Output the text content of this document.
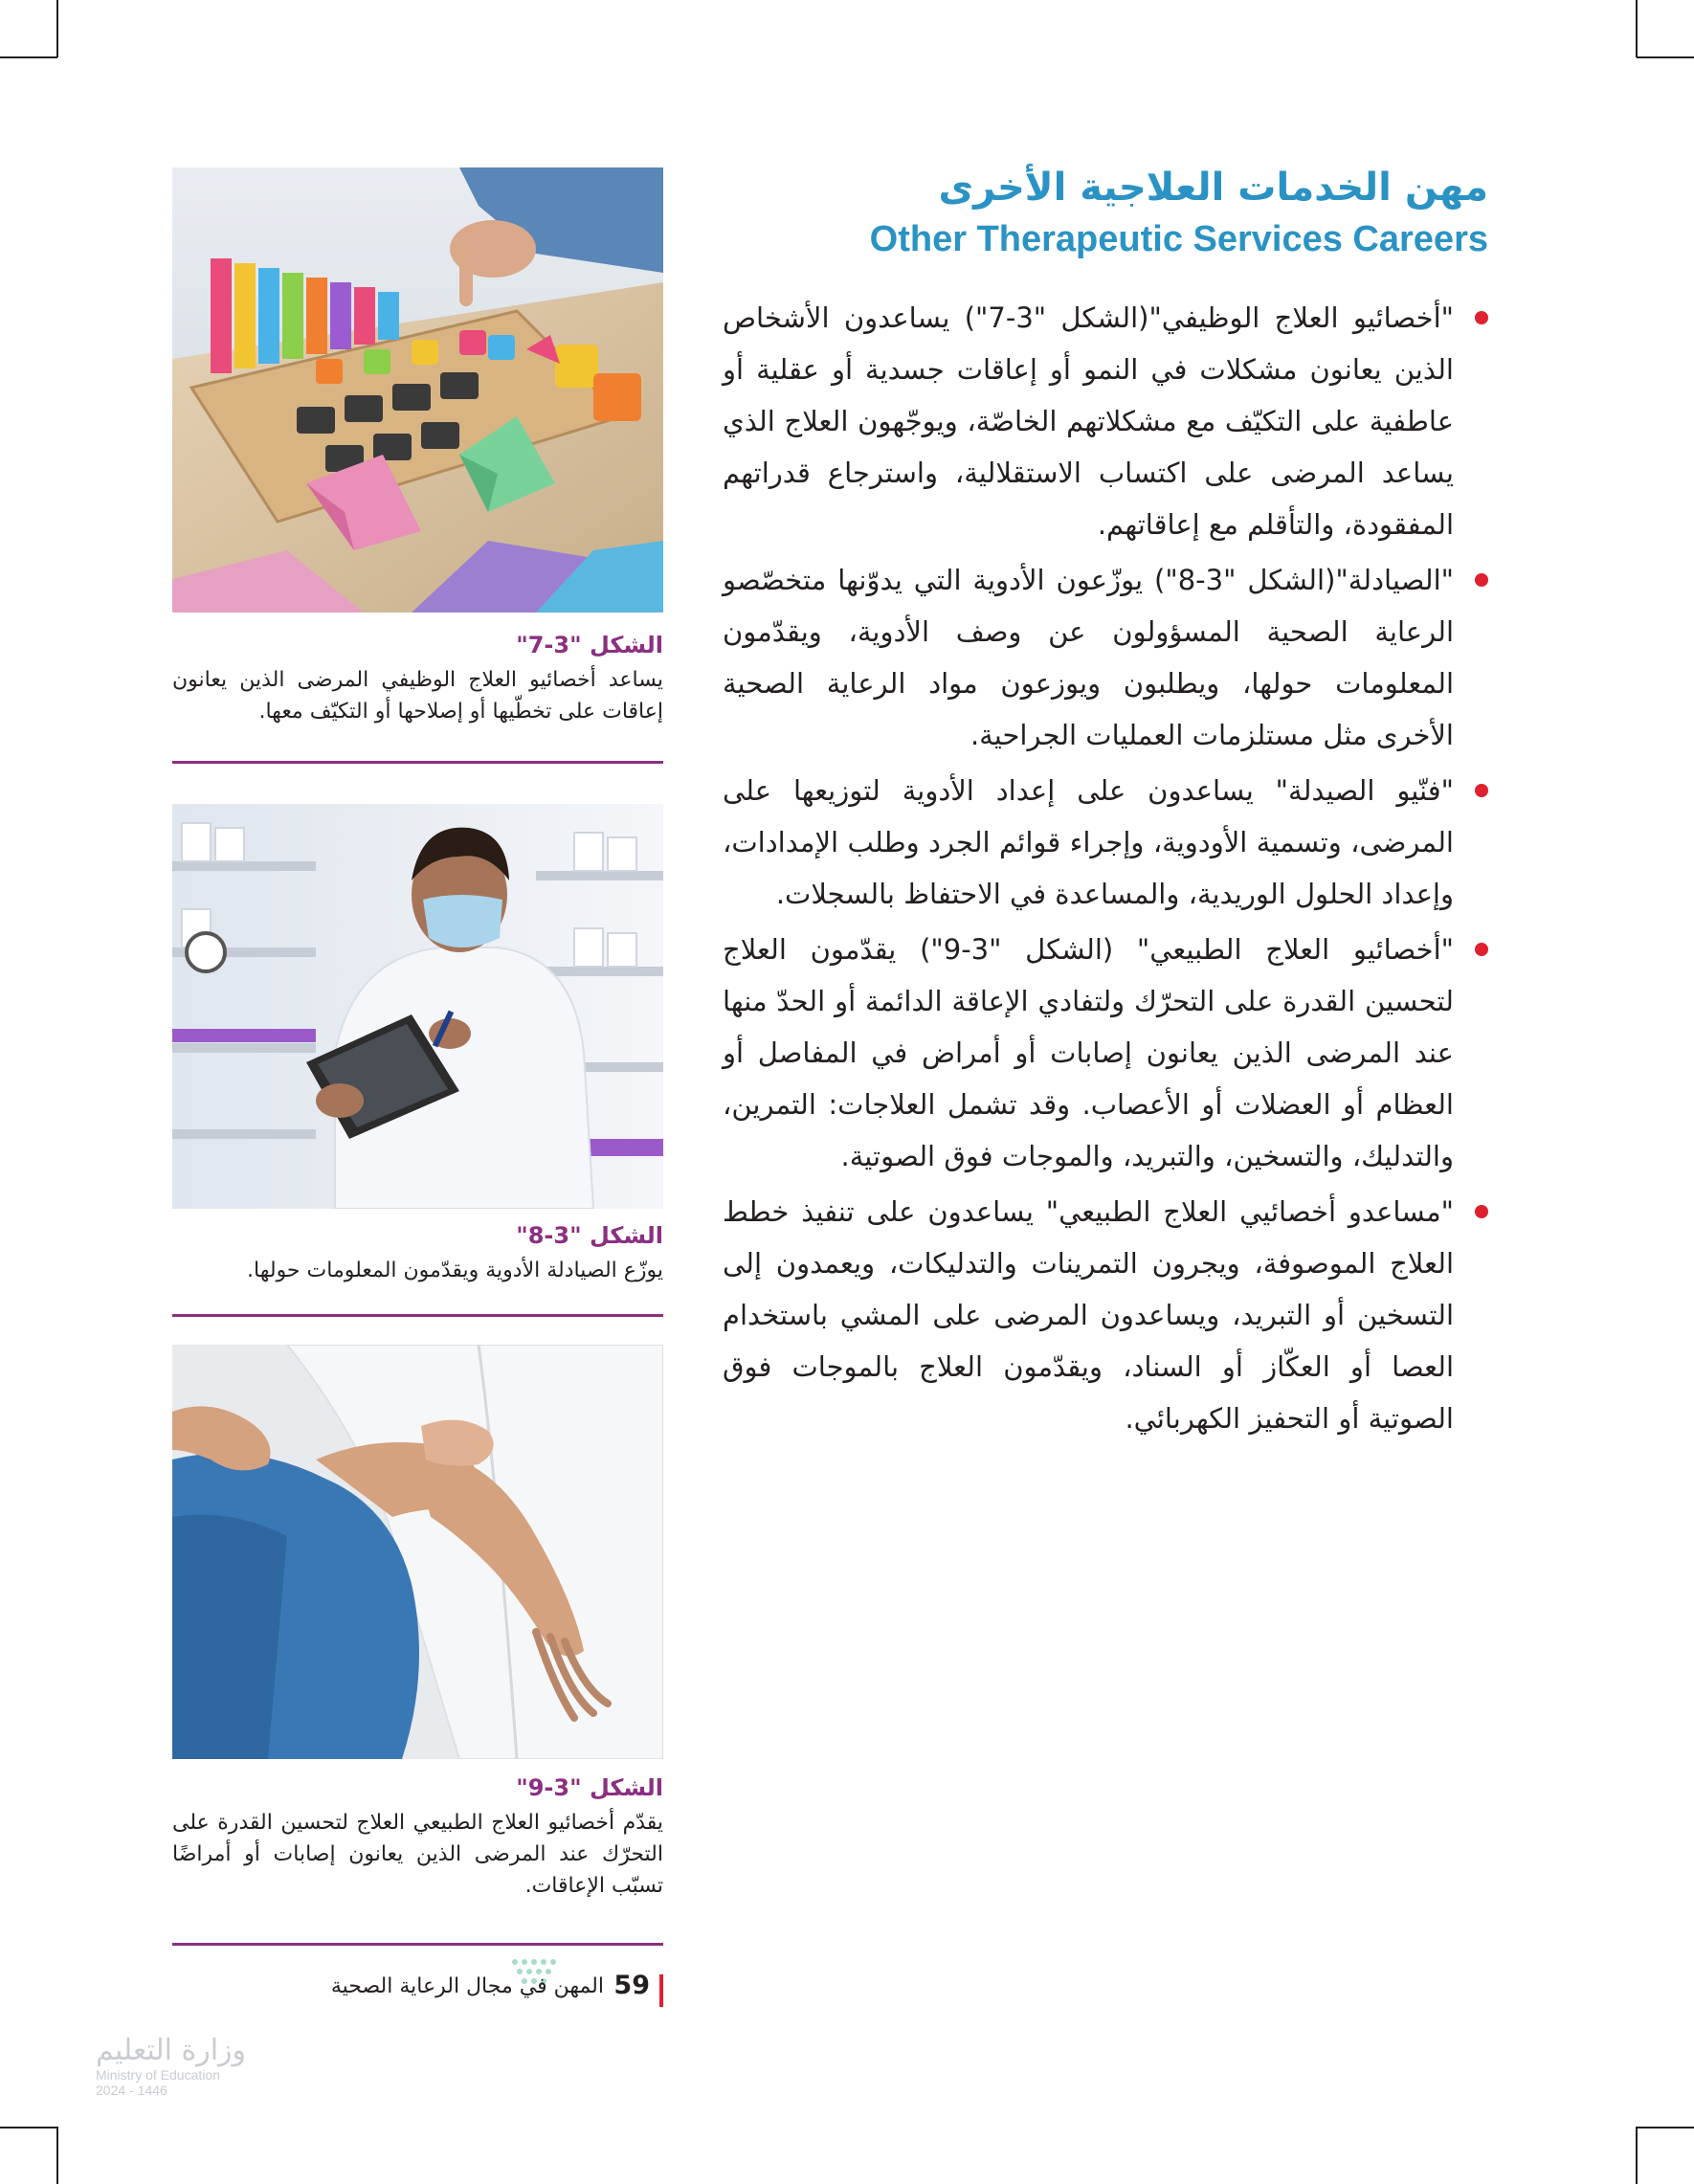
مهن الخدمات العلاجية الأخرى
Other Therapeutic Services Careers

"أخصائيو العلاج الوظيفي"(الشكل "3-7") يساعدون الأشخاص الذين يعانون مشكلات في النمو أو إعاقات جسدية أو عقلية أو عاطفية على التكيّف مع مشكلاتهم الخاصّة، ويوجّهون العلاج الذي يساعد المرضى على اكتساب الاستقلالية، واسترجاع قدراتهم المفقودة، والتأقلم مع إعاقاتهم.

"الصيادلة"(الشكل "3-8") يوزّعون الأدوية التي يدوّنها متخصّصو الرعاية الصحية المسؤولون عن وصف الأدوية، ويقدّمون المعلومات حولها، ويطلبون ويوزعون مواد الرعاية الصحية الأخرى مثل مستلزمات العمليات الجراحية.

"فنّيو الصيدلة" يساعدون على إعداد الأدوية لتوزيعها على المرضى، وتسمية الأودوية، وإجراء قوائم الجرد وطلب الإمدادات، وإعداد الحلول الوريدية، والمساعدة في الاحتفاظ بالسجلات.

"أخصائيو العلاج الطبيعي" (الشكل "3-9") يقدّمون العلاج لتحسين القدرة على التحرّك ولتفادي الإعاقة الدائمة أو الحدّ منها عند المرضى الذين يعانون إصابات أو أمراض في المفاصل أو العظام أو العضلات أو الأعصاب. وقد تشمل العلاجات: التمرين، والتدليك، والتسخين، والتبريد، والموجات فوق الصوتية.

"مساعدو أخصائيي العلاج الطبيعي" يساعدون على تنفيذ خطط العلاج الموصوفة، ويجرون التمرينات والتدليكات، ويعمدون إلى التسخين أو التبريد، ويساعدون المرضى على المشي باستخدام العصا أو العكّاز أو السناد، ويقدّمون العلاج بالموجات فوق الصوتية أو التحفيز الكهربائي.

الشكل "3-7"

يساعد أخصائيو العلاج الوظيفي المرضى الذين يعانون إعاقات على تخطّيها أو إصلاحها أو التكيّف معها.

الشكل "3-8"

يوزّع الصيادلة الأدوية ويقدّمون المعلومات حولها.

الشكل "3-9"

يقدّم أخصائيو العلاج الطبيعي العلاج لتحسين القدرة على التحرّك عند المرضى الذين يعانون إصابات أو أمراضًا تسبّب الإعاقات.

59
المهن في مجال الرعاية الصحية

وزارة التعليم

Ministry of Education

2024 - 1446
